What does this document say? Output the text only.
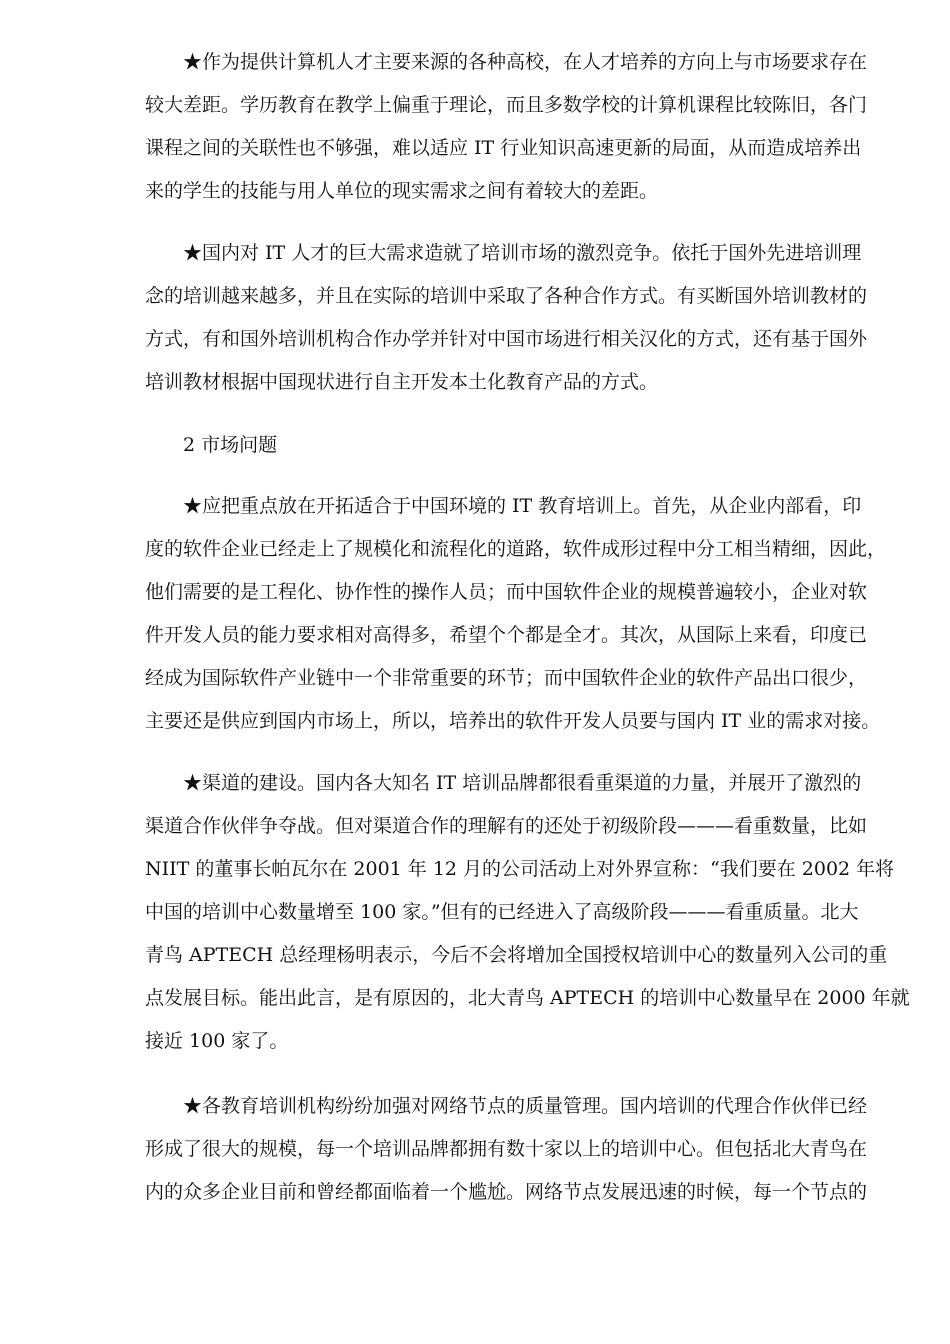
★作为提供计算机人才主要来源的各种高校，在人才培养的方向上与市场要求存在
较大差距。学历教育在教学上偏重于理论，而且多数学校的计算机课程比较陈旧，各门
课程之间的关联性也不够强，难以适应 IT 行业知识高速更新的局面，从而造成培养出
来的学生的技能与用人单位的现实需求之间有着较大的差距。
★国内对 IT 人才的巨大需求造就了培训市场的激烈竞争。依托于国外先进培训理
念的培训越来越多，并且在实际的培训中采取了各种合作方式。有买断国外培训教材的
方式，有和国外培训机构合作办学并针对中国市场进行相关汉化的方式，还有基于国外
培训教材根据中国现状进行自主开发本土化教育产品的方式。
2 市场问题
★应把重点放在开拓适合于中国环境的 IT 教育培训上。首先，从企业内部看，印
度的软件企业已经走上了规模化和流程化的道路，软件成形过程中分工相当精细，因此，
他们需要的是工程化、协作性的操作人员；而中国软件企业的规模普遍较小，企业对软
件开发人员的能力要求相对高得多，希望个个都是全才。其次，从国际上来看，印度已
经成为国际软件产业链中一个非常重要的环节；而中国软件企业的软件产品出口很少，
主要还是供应到国内市场上，所以，培养出的软件开发人员要与国内 IT 业的需求对接。
★渠道的建设。国内各大知名 IT 培训品牌都很看重渠道的力量，并展开了激烈的
渠道合作伙伴争夺战。但对渠道合作的理解有的还处于初级阶段———看重数量，比如
NIIT 的董事长帕瓦尔在 2001 年 12 月的公司活动上对外界宣称：“我们要在 2002 年将
中国的培训中心数量增至 100 家。”但有的已经进入了高级阶段———看重质量。北大
青鸟 APTECH 总经理杨明表示，今后不会将增加全国授权培训中心的数量列入公司的重
点发展目标。能出此言，是有原因的，北大青鸟 APTECH 的培训中心数量早在 2000 年就
接近 100 家了。
★各教育培训机构纷纷加强对网络节点的质量管理。国内培训的代理合作伙伴已经
形成了很大的规模，每一个培训品牌都拥有数十家以上的培训中心。但包括北大青鸟在
内的众多企业目前和曾经都面临着一个尴尬。网络节点发展迅速的时候，每一个节点的
